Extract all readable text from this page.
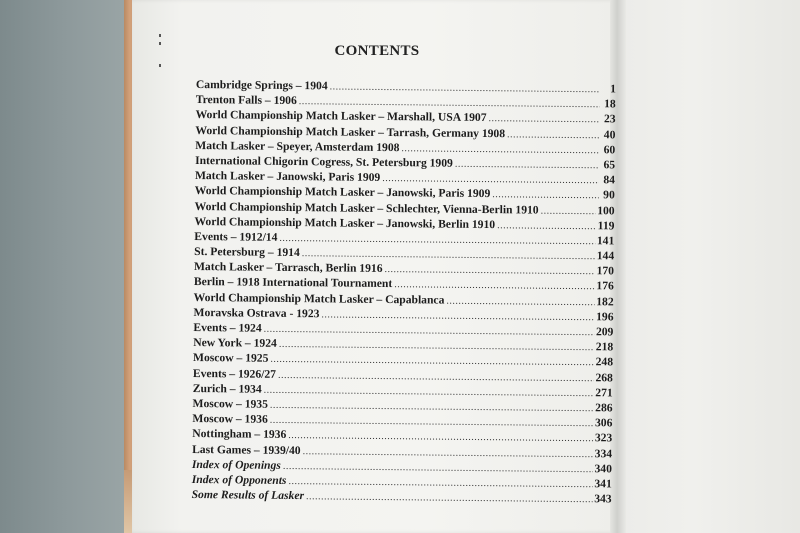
CONTENTS
Cambridge Springs – 1904 .....	1
Trenton Falls – 1906 .....	18
World Championship Match Lasker – Marshall, USA 1907 .....	23
World Championship Match Lasker – Tarrash, Germany 1908 .....	40
Match Lasker – Speyer, Amsterdam 1908 .....	60
International Chigorin Cogress, St. Petersburg 1909 .....	65
Match Lasker – Janowski, Paris 1909 .....	84
World Championship Match Lasker – Janowski, Paris 1909 .....	90
World Championship Match Lasker – Schlechter, Vienna-Berlin 1910 .....	100
World Championship Match Lasker – Janowski, Berlin 1910 .....	119
Events – 1912/14 .....	141
St. Petersburg – 1914 .....	144
Match Lasker – Tarrasch, Berlin 1916 .....	170
Berlin – 1918 International Tournament .....	176
World Championship Match Lasker – Capablanca .....	182
Moravska Ostrava - 1923 .....	196
Events – 1924 .....	209
New York – 1924 .....	218
Moscow – 1925 .....	248
Events – 1926/27 .....	268
Zurich – 1934 .....	271
Moscow – 1935 .....	286
Moscow – 1936 .....	306
Nottingham – 1936 .....	323
Last Games – 1939/40 .....	334
Index of Openings .....	340
Index of Opponents .....	341
Some Results of Lasker .....	343
